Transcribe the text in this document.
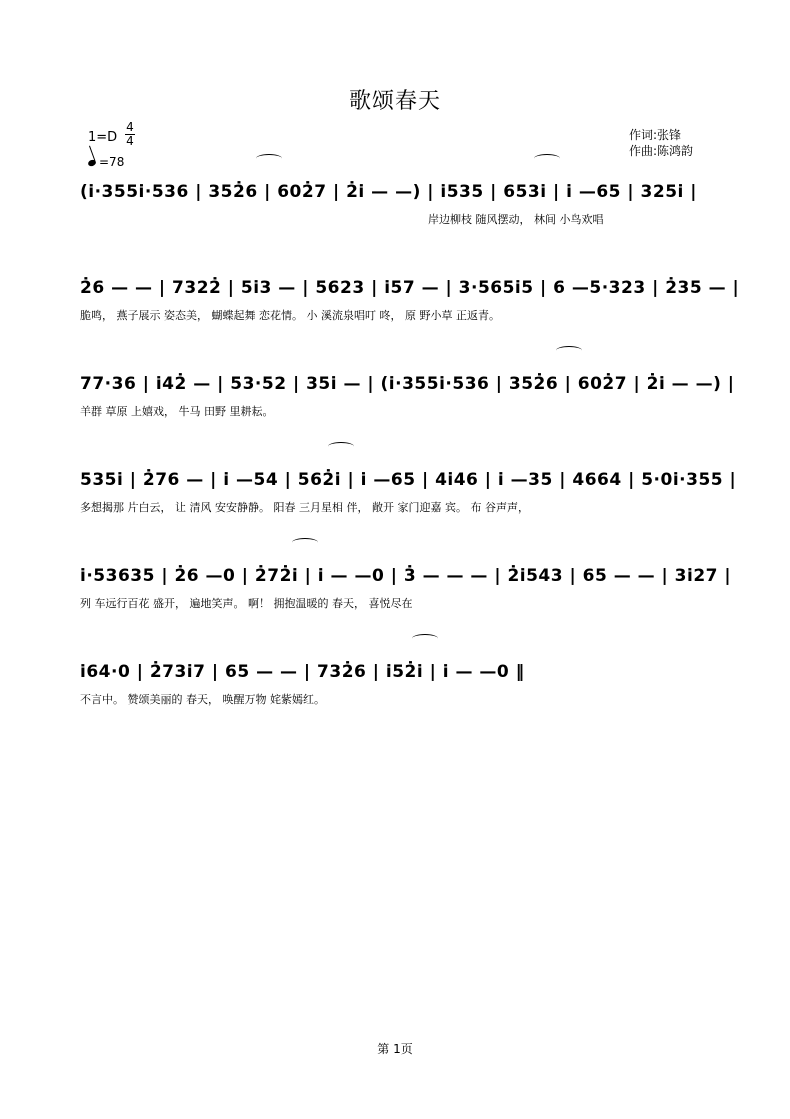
歌颂春天
1=D
4
4
=78
作词:张锋
作曲:陈鸿韵
(i̇·355i̇·536 | 352̇6 | 602̇7 | 2̇i̇ — —) | i̇535 | 653i̇ | i̇ —65 | 325i̇ |
岸边柳枝 随风摆动， 林间 小鸟欢唱
2̇6 — — | 7322̇ | 5i̇3 — | 5623 | i̇57 — | 3·565i̇5 | 6 —5·323 | 2̇35 — |
脆鸣， 燕子展示 姿态美， 蝴蝶起舞 恋花情。 小 溪流泉唱叮 咚， 原 野小草 正返青。
77·36 | i̇42̇ — | 53·52 | 35i̇ — | (i̇·355i̇·536 | 352̇6 | 602̇7 | 2̇i̇ — —) |
羊群 草原 上嬉戏， 牛马 田野 里耕耘。
535i̇ | 2̇76 — | i̇ —54 | 562̇i̇ | i̇ —65 | 4i̇46 | i̇ —35 | 4664 | 5·0i̇·355 |
多想揭那 片白云， 让 清风 安安静静。 阳春 三月星相 伴， 敞开 家门迎嘉 宾。 布 谷声声，
i̇·53635 | 2̇6 —0 | 2̇72̇i̇ | i̇ — —0 | 3̇ — — — | 2̇i̇543 | 65 — — | 3i̇27 |
列 车远行百花 盛开， 遍地笑声。 啊！ 拥抱温暖的 春天， 喜悦尽在
i̇64·0 | 2̇73i̇7 | 65 — — | 732̇6 | i̇52̇i̇ | i̇ — —0 ‖
不言中。 赞颂美丽的 春天， 唤醒万物 姹紫嫣红。
第 1页
